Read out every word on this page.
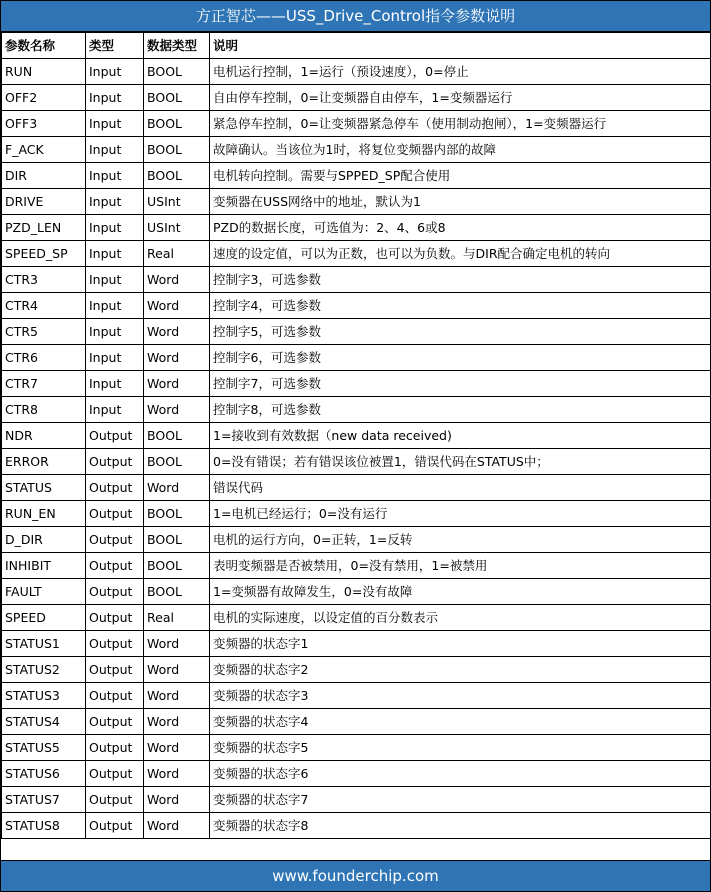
方正智芯——USS_Drive_Control指令参数说明
参数名称	类型	数据类型	说明
RUN	Input	BOOL	电机运行控制，1=运行（预设速度），0=停止
OFF2	Input	BOOL	自由停车控制，0=让变频器自由停车，1=变频器运行
OFF3	Input	BOOL	紧急停车控制，0=让变频器紧急停车（使用制动抱闸），1=变频器运行
F_ACK	Input	BOOL	故障确认。当该位为1时，将复位变频器内部的故障
DIR	Input	BOOL	电机转向控制。需要与SPPED_SP配合使用
DRIVE	Input	USInt	变频器在USS网络中的地址，默认为1
PZD_LEN	Input	USInt	PZD的数据长度，可选值为：2、4、6或8
SPEED_SP	Input	Real	速度的设定值，可以为正数，也可以为负数。与DIR配合确定电机的转向
CTR3	Input	Word	控制字3，可选参数
CTR4	Input	Word	控制字4，可选参数
CTR5	Input	Word	控制字5，可选参数
CTR6	Input	Word	控制字6，可选参数
CTR7	Input	Word	控制字7，可选参数
CTR8	Input	Word	控制字8，可选参数
NDR	Output	BOOL	1=接收到有效数据（new data received)
ERROR	Output	BOOL	0=没有错误；若有错误该位被置1，错误代码在STATUS中；
STATUS	Output	Word	错误代码
RUN_EN	Output	BOOL	1=电机已经运行；0=没有运行
D_DIR	Output	BOOL	电机的运行方向，0=正转，1=反转
INHIBIT	Output	BOOL	表明变频器是否被禁用，0=没有禁用，1=被禁用
FAULT	Output	BOOL	1=变频器有故障发生，0=没有故障
SPEED	Output	Real	电机的实际速度，以设定值的百分数表示
STATUS1	Output	Word	变频器的状态字1
STATUS2	Output	Word	变频器的状态字2
STATUS3	Output	Word	变频器的状态字3
STATUS4	Output	Word	变频器的状态字4
STATUS5	Output	Word	变频器的状态字5
STATUS6	Output	Word	变频器的状态字6
STATUS7	Output	Word	变频器的状态字7
STATUS8	Output	Word	变频器的状态字8
www.founderchip.com
